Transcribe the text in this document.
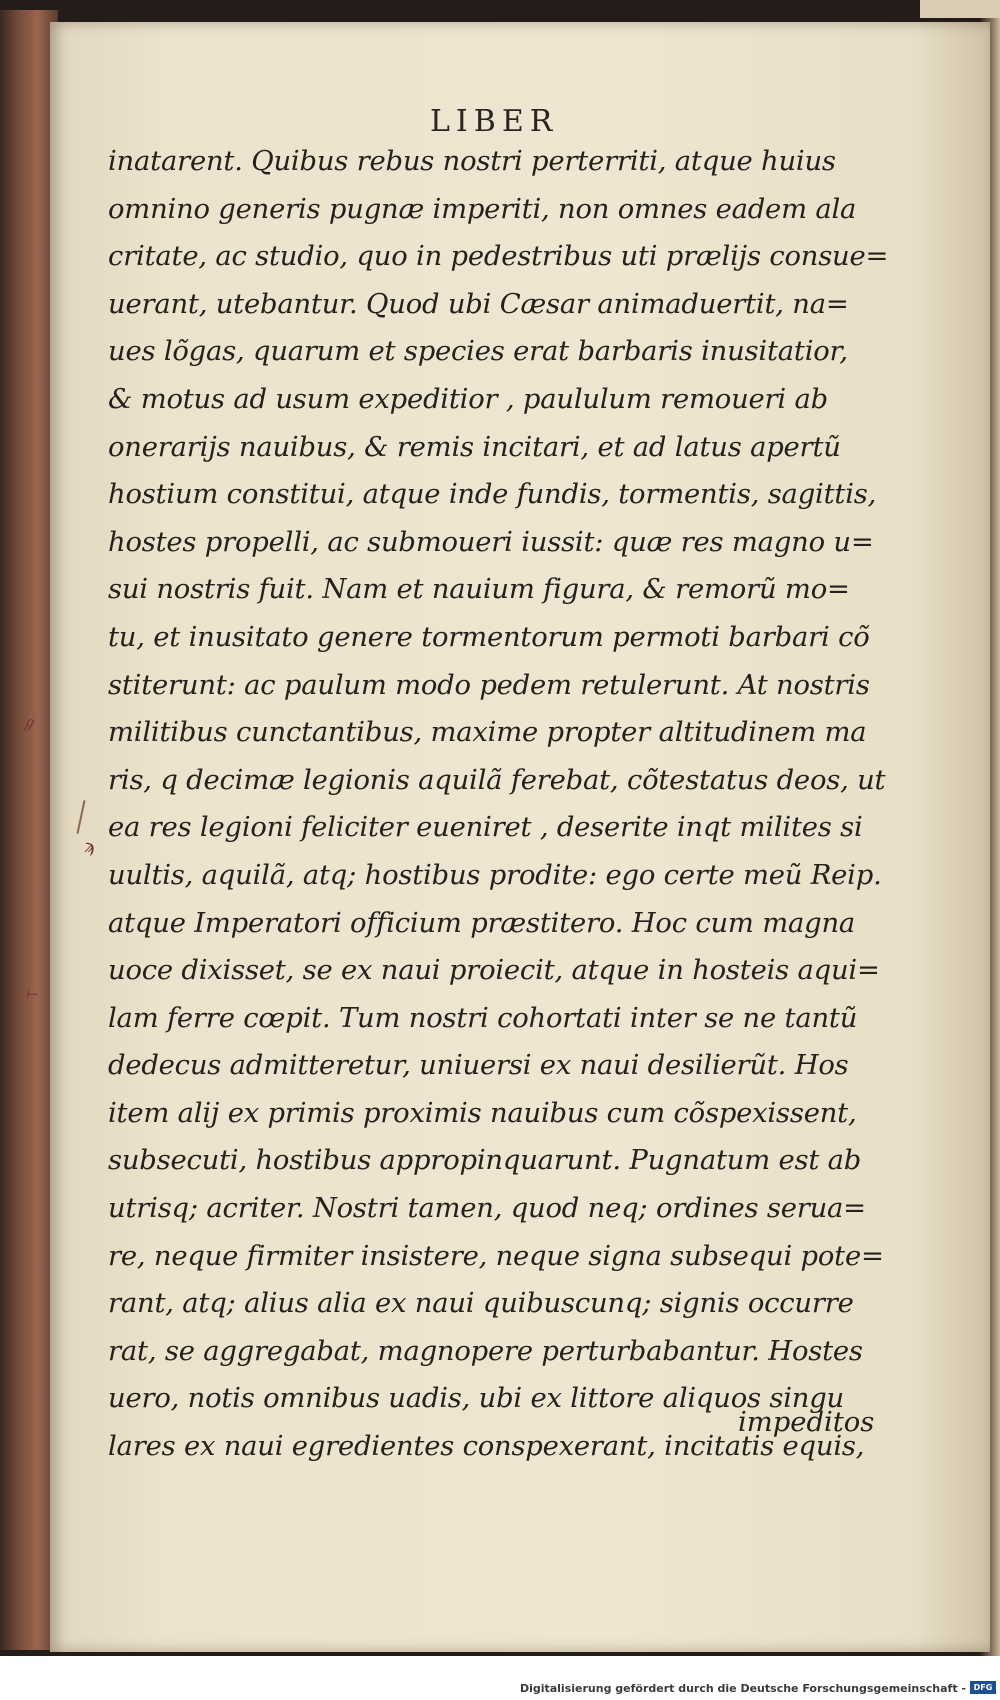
LIBER

inatarent. Quibus rebus nostri perterriti, atque huius
omnino generis pugnæ imperiti, non omnes eadem ala
critate, ac studio, quo in pedestribus uti prælijs consue=
uerant, utebantur. Quod ubi Cæsar animaduertit, na=
ues lõgas, quarum et species erat barbaris inusitatior,
& motus ad usum expeditior , paululum remoueri ab
onerarijs nauibus, & remis incitari, et ad latus apertũ
hostium constitui, atque inde fundis, tormentis, sagittis,
hostes propelli, ac submoueri iussit: quæ res magno u=
sui nostris fuit. Nam et nauium figura, & remorũ mo=
tu, et inusitato genere tormentorum permoti barbari cõ
stiterunt: ac paulum modo pedem retulerunt. At nostris
militibus cunctantibus, maxime propter altitudinem ma
ris, q decimæ legionis aquilã ferebat, cõtestatus deos, ut
ea res legioni feliciter eueniret , deserite inqt milites si
uultis, aquilã, atq; hostibus prodite: ego certe meũ Reip.
atque Imperatori officium præstitero. Hoc cum magna
uoce dixisset, se ex naui proiecit, atque in hosteis aqui=
lam ferre cœpit. Tum nostri cohortati inter se ne tantũ
dedecus admitteretur, uniuersi ex naui desilierũt. Hos
item alij ex primis proximis nauibus cum cõspexissent,
subsecuti, hostibus appropinquarunt. Pugnatum est ab
utrisq; acriter. Nostri tamen, quod neq; ordines serua=
re, neque firmiter insistere, neque signa subsequi pote=
rant, atq; alius alia ex naui quibuscunq; signis occurre
rat, se aggregabat, magnopere perturbabantur. Hostes
uero, notis omnibus uadis, ubi ex littore aliquos singu
lares ex naui egredientes conspexerant, incitatis equis,

impeditos

ℊ

ϡ

⟝

Digitalisierung gefördert durch die Deutsche Forschungsgemeinschaft - DFG
